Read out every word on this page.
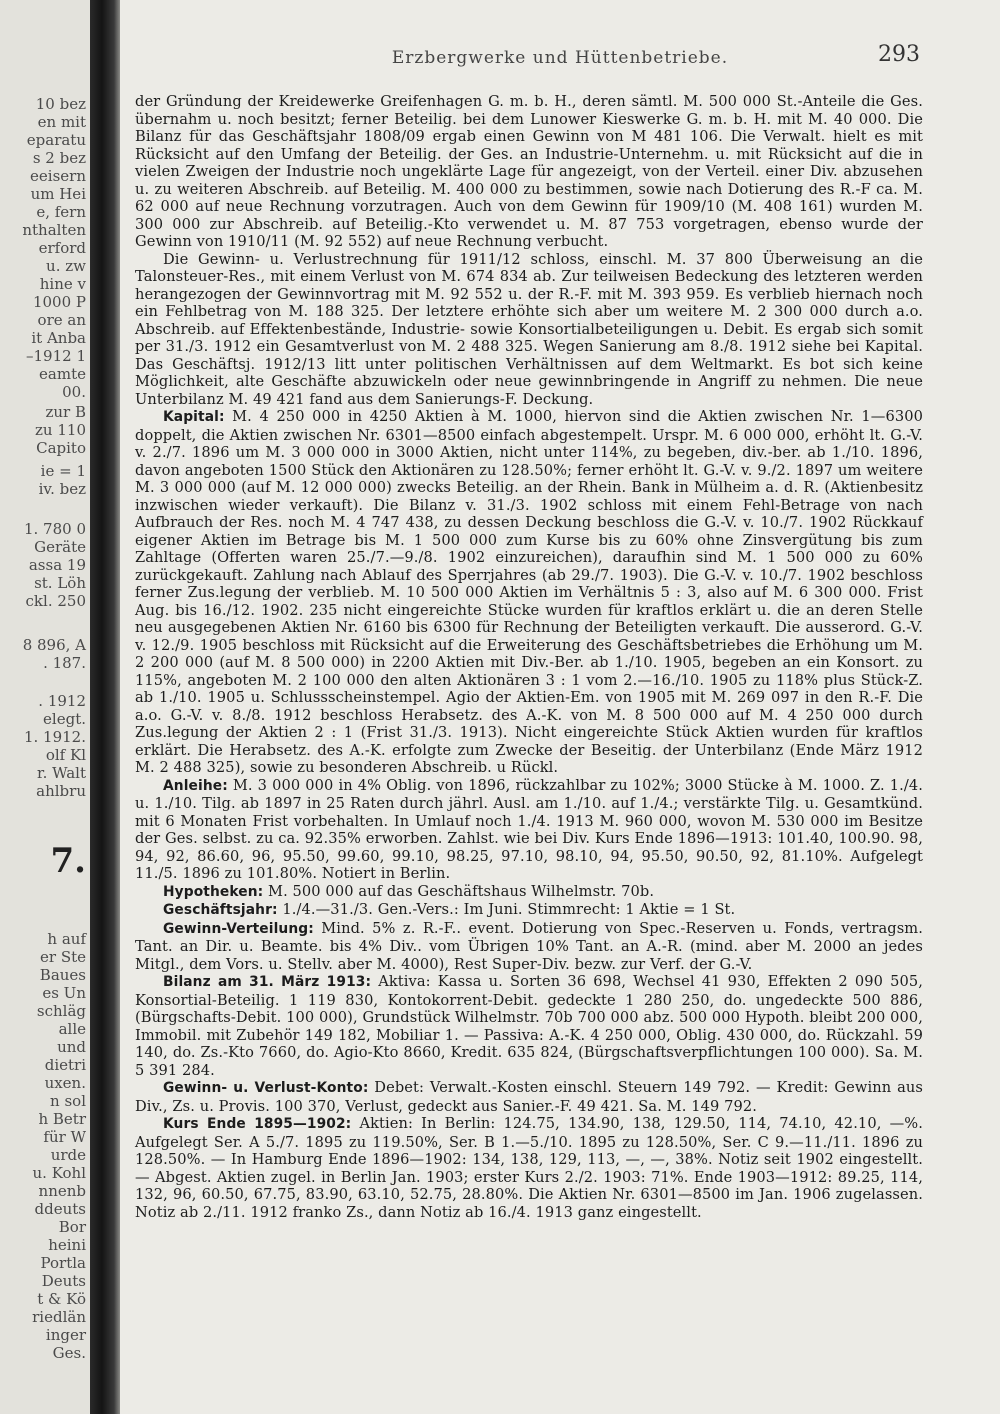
10 bez
en mit
eparatu
s 2 bez
eeisern
um Hei
e, fern
nthalten
erford
u. zw
hine v
1000 P
ore an
it Anba
–1912 1
eamte
00.
zur B
zu 110
Capito
ie = 1
iv. bez
1. 780 0
Geräte
assa 19
st. Löh
ckl. 250
8 896, A
. 187.
. 1912
elegt.
1. 1912.
olf Kl
r. Walt
ahlbru
7.
h auf
er Ste
Baues
es Un
schläg
alle
und
dietri
uxen.
n sol
h Betr
für W
urde
u. Kohl
nnenb
ddeuts
Bor
heini
Portla
Deuts
t & Kö
riedlän
inger
Ges.
Erzbergwerke und Hüttenbetriebe.	293

der Gründung der Kreidewerke Greifenhagen G. m. b. H., deren sämtl. M. 500 000 St.-Anteile die Ges. übernahm u. noch besitzt; ferner Beteilig. bei dem Lunower Kieswerke G. m. b. H. mit M. 40 000. Die Bilanz für das Geschäftsjahr 1808/09 ergab einen Gewinn von M 481 106. Die Verwalt. hielt es mit Rücksicht auf den Umfang der Beteilig. der Ges. an Industrie-Unternehm. u. mit Rücksicht auf die in vielen Zweigen der Industrie noch ungeklärte Lage für angezeigt, von der Verteil. einer Div. abzusehen u. zu weiteren Abschreib. auf Beteilig. M. 400 000 zu bestimmen, sowie nach Dotierung des R.-F ca. M. 62 000 auf neue Rechnung vorzutragen. Auch von dem Gewinn für 1909/10 (M. 408 161) wurden M. 300 000 zur Abschreib. auf Beteilig.-Kto verwendet u. M. 87 753 vorgetragen, ebenso wurde der Gewinn von 1910/11 (M. 92 552) auf neue Rechnung verbucht.

Die Gewinn- u. Verlustrechnung für 1911/12 schloss, einschl. M. 37 800 Überweisung an die Talonsteuer-Res., mit einem Verlust von M. 674 834 ab. Zur teilweisen Bedeckung des letzteren werden herangezogen der Gewinnvortrag mit M. 92 552 u. der R.-F. mit M. 393 959. Es verblieb hiernach noch ein Fehlbetrag von M. 188 325. Der letztere erhöhte sich aber um weitere M. 2 300 000 durch a.o. Abschreib. auf Effektenbestände, Industrie- sowie Konsortialbeteiligungen u. Debit. Es ergab sich somit per 31./3. 1912 ein Gesamtverlust von M. 2 488 325. Wegen Sanierung am 8./8. 1912 siehe bei Kapital. Das Geschäftsj. 1912/13 litt unter politischen Verhältnissen auf dem Weltmarkt. Es bot sich keine Möglichkeit, alte Geschäfte abzuwickeln oder neue gewinnbringende in Angriff zu nehmen. Die neue Unterbilanz M. 49 421 fand aus dem Sanierungs-F. Deckung.

Kapital: M. 4 250 000 in 4250 Aktien à M. 1000, hiervon sind die Aktien zwischen Nr. 1—6300 doppelt, die Aktien zwischen Nr. 6301—8500 einfach abgestempelt. Urspr. M. 6 000 000, erhöht lt. G.-V. v. 2./7. 1896 um M. 3 000 000 in 3000 Aktien, nicht unter 114%, zu begeben, div.-ber. ab 1./10. 1896, davon angeboten 1500 Stück den Aktionären zu 128.50%; ferner erhöht lt. G.-V. v. 9./2. 1897 um weitere M. 3 000 000 (auf M. 12 000 000) zwecks Beteilig. an der Rhein. Bank in Mülheim a. d. R. (Aktienbesitz inzwischen wieder verkauft). Die Bilanz v. 31./3. 1902 schloss mit einem Fehl-Betrage von nach Aufbrauch der Res. noch M. 4 747 438, zu dessen Deckung beschloss die G.-V. v. 10./7. 1902 Rückkauf eigener Aktien im Betrage bis M. 1 500 000 zum Kurse bis zu 60% ohne Zinsvergütung bis zum Zahltage (Offerten waren 25./7.—9./8. 1902 einzureichen), daraufhin sind M. 1 500 000 zu 60% zurückgekauft. Zahlung nach Ablauf des Sperrjahres (ab 29./7. 1903). Die G.-V. v. 10./7. 1902 beschloss ferner Zus.legung der verblieb. M. 10 500 000 Aktien im Verhältnis 5 : 3, also auf M. 6 300 000. Frist Aug. bis 16./12. 1902. 235 nicht eingereichte Stücke wurden für kraftlos erklärt u. die an deren Stelle neu ausgegebenen Aktien Nr. 6160 bis 6300 für Rechnung der Beteiligten verkauft. Die ausserord. G.-V. v. 12./9. 1905 beschloss mit Rücksicht auf die Erweiterung des Geschäftsbetriebes die Erhöhung um M. 2 200 000 (auf M. 8 500 000) in 2200 Aktien mit Div.-Ber. ab 1./10. 1905, begeben an ein Konsort. zu 115%, angeboten M. 2 100 000 den alten Aktionären 3 : 1 vom 2.—16./10. 1905 zu 118% plus Stück-Z. ab 1./10. 1905 u. Schlussscheinstempel. Agio der Aktien-Em. von 1905 mit M. 269 097 in den R.-F. Die a.o. G.-V. v. 8./8. 1912 beschloss Herabsetz. des A.-K. von M. 8 500 000 auf M. 4 250 000 durch Zus.legung der Aktien 2 : 1 (Frist 31./3. 1913). Nicht eingereichte Stück Aktien wurden für kraftlos erklärt. Die Herabsetz. des A.-K. erfolgte zum Zwecke der Beseitig. der Unterbilanz (Ende März 1912 M. 2 488 325), sowie zu besonderen Abschreib. u Rückl.

Anleihe: M. 3 000 000 in 4% Oblig. von 1896, rückzahlbar zu 102%; 3000 Stücke à M. 1000. Z. 1./4. u. 1./10. Tilg. ab 1897 in 25 Raten durch jährl. Ausl. am 1./10. auf 1./4.; verstärkte Tilg. u. Gesamtkünd. mit 6 Monaten Frist vorbehalten. In Umlauf noch 1./4. 1913 M. 960 000, wovon M. 530 000 im Besitze der Ges. selbst. zu ca. 92.35% erworben. Zahlst. wie bei Div. Kurs Ende 1896—1913: 101.40, 100.90. 98, 94, 92, 86.60, 96, 95.50, 99.60, 99.10, 98.25, 97.10, 98.10, 94, 95.50, 90.50, 92, 81.10%. Aufgelegt 11./5. 1896 zu 101.80%. Notiert in Berlin.

Hypotheken: M. 500 000 auf das Geschäftshaus Wilhelmstr. 70b.

Geschäftsjahr: 1./4.—31./3. Gen.-Vers.: Im Juni. Stimmrecht: 1 Aktie = 1 St.

Gewinn-Verteilung: Mind. 5% z. R.-F.. event. Dotierung von Spec.-Reserven u. Fonds, vertragsm. Tant. an Dir. u. Beamte. bis 4% Div.. vom Übrigen 10% Tant. an A.-R. (mind. aber M. 2000 an jedes Mitgl., dem Vors. u. Stellv. aber M. 4000), Rest Super-Div. bezw. zur Verf. der G.-V.

Bilanz am 31. März 1913: Aktiva: Kassa u. Sorten 36 698, Wechsel 41 930, Effekten 2 090 505, Konsortial-Beteilig. 1 119 830, Kontokorrent-Debit. gedeckte 1 280 250, do. ungedeckte 500 886, (Bürgschafts-Debit. 100 000), Grundstück Wilhelmstr. 70b 700 000 abz. 500 000 Hypoth. bleibt 200 000, Immobil. mit Zubehör 149 182, Mobiliar 1. — Passiva: A.-K. 4 250 000, Oblig. 430 000, do. Rückzahl. 59 140, do. Zs.-Kto 7660, do. Agio-Kto 8660, Kredit. 635 824, (Bürgschaftsverpflichtungen 100 000). Sa. M. 5 391 284.

Gewinn- u. Verlust-Konto: Debet: Verwalt.-Kosten einschl. Steuern 149 792. — Kredit: Gewinn aus Div., Zs. u. Provis. 100 370, Verlust, gedeckt aus Sanier.-F. 49 421. Sa. M. 149 792.

Kurs Ende 1895—1902: Aktien: In Berlin: 124.75, 134.90, 138, 129.50, 114, 74.10, 42.10, —%. Aufgelegt Ser. A 5./7. 1895 zu 119.50%, Ser. B 1.—5./10. 1895 zu 128.50%, Ser. C 9.—11./11. 1896 zu 128.50%. — In Hamburg Ende 1896—1902: 134, 138, 129, 113, —, —, 38%. Notiz seit 1902 eingestellt. — Abgest. Aktien zugel. in Berlin Jan. 1903; erster Kurs 2./2. 1903: 71%. Ende 1903—1912: 89.25, 114, 132, 96, 60.50, 67.75, 83.90, 63.10, 52.75, 28.80%. Die Aktien Nr. 6301—8500 im Jan. 1906 zugelassen. Notiz ab 2./11. 1912 franko Zs., dann Notiz ab 16./4. 1913 ganz eingestellt.
